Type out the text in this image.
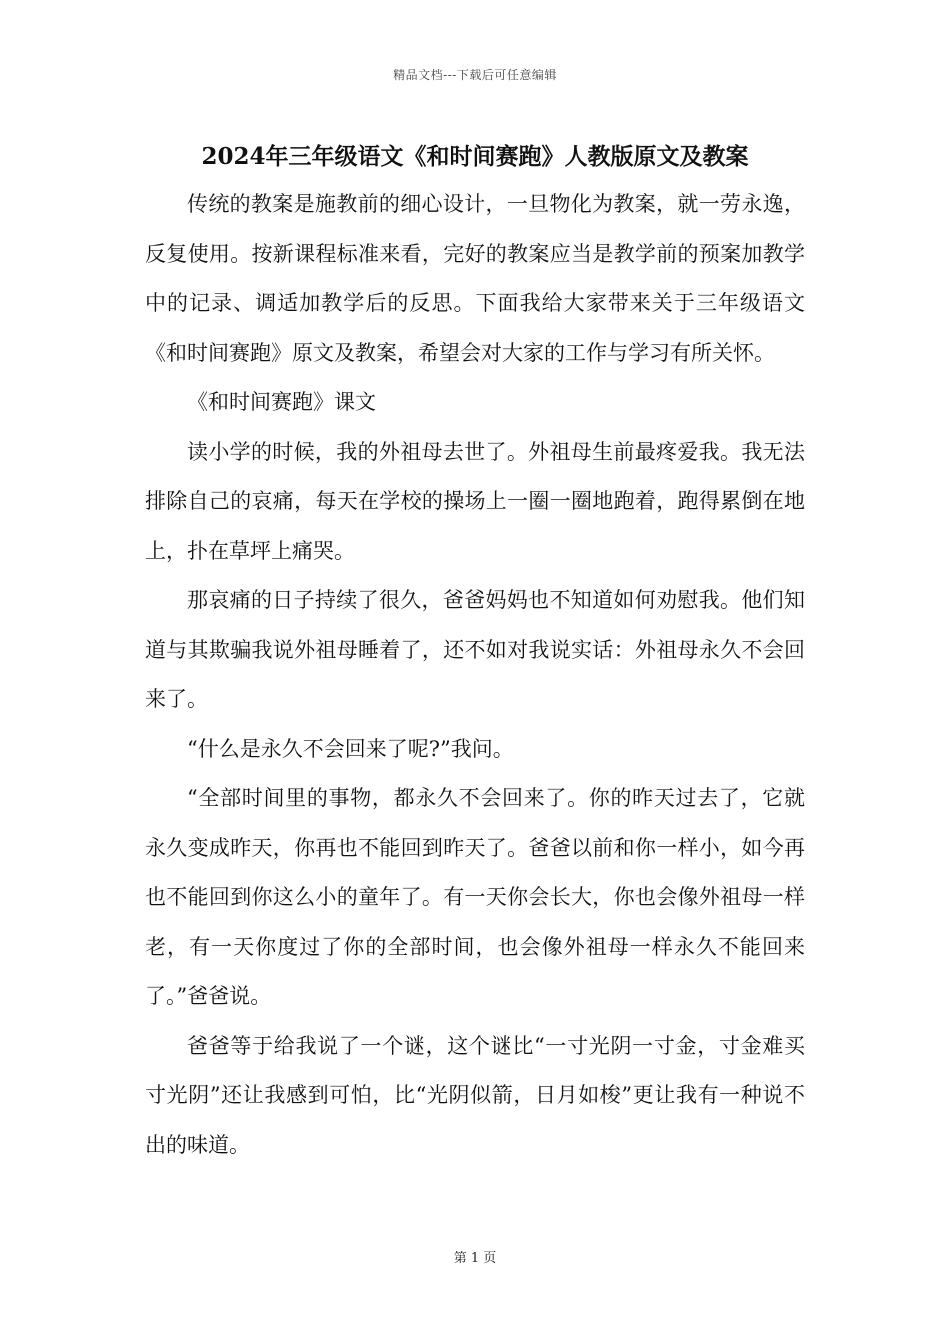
精品文档---下载后可任意编辑
2024年三年级语文《和时间赛跑》人教版原文及教案

传统的教案是施教前的细心设计，一旦物化为教案，就一劳永逸，反复使用。按新课程标准来看，完好的教案应当是教学前的预案加教学中的记录、调适加教学后的反思。下面我给大家带来关于三年级语文《和时间赛跑》原文及教案，希望会对大家的工作与学习有所关怀。

《和时间赛跑》课文

读小学的时候，我的外祖母去世了。外祖母生前最疼爱我。我无法排除自己的哀痛，每天在学校的操场上一圈一圈地跑着，跑得累倒在地上，扑在草坪上痛哭。

那哀痛的日子持续了很久，爸爸妈妈也不知道如何劝慰我。他们知道与其欺骗我说外祖母睡着了，还不如对我说实话：外祖母永久不会回来了。

“什么是永久不会回来了呢?”我问。

“全部时间里的事物，都永久不会回来了。你的昨天过去了，它就永久变成昨天，你再也不能回到昨天了。爸爸以前和你一样小，如今再也不能回到你这么小的童年了。有一天你会长大，你也会像外祖母一样老，有一天你度过了你的全部时间，也会像外祖母一样永久不能回来了。”爸爸说。

爸爸等于给我说了一个谜，这个谜比“一寸光阴一寸金，寸金难买寸光阴”还让我感到可怕，比“光阴似箭，日月如梭”更让我有一种说不出的味道。

第 1 页
